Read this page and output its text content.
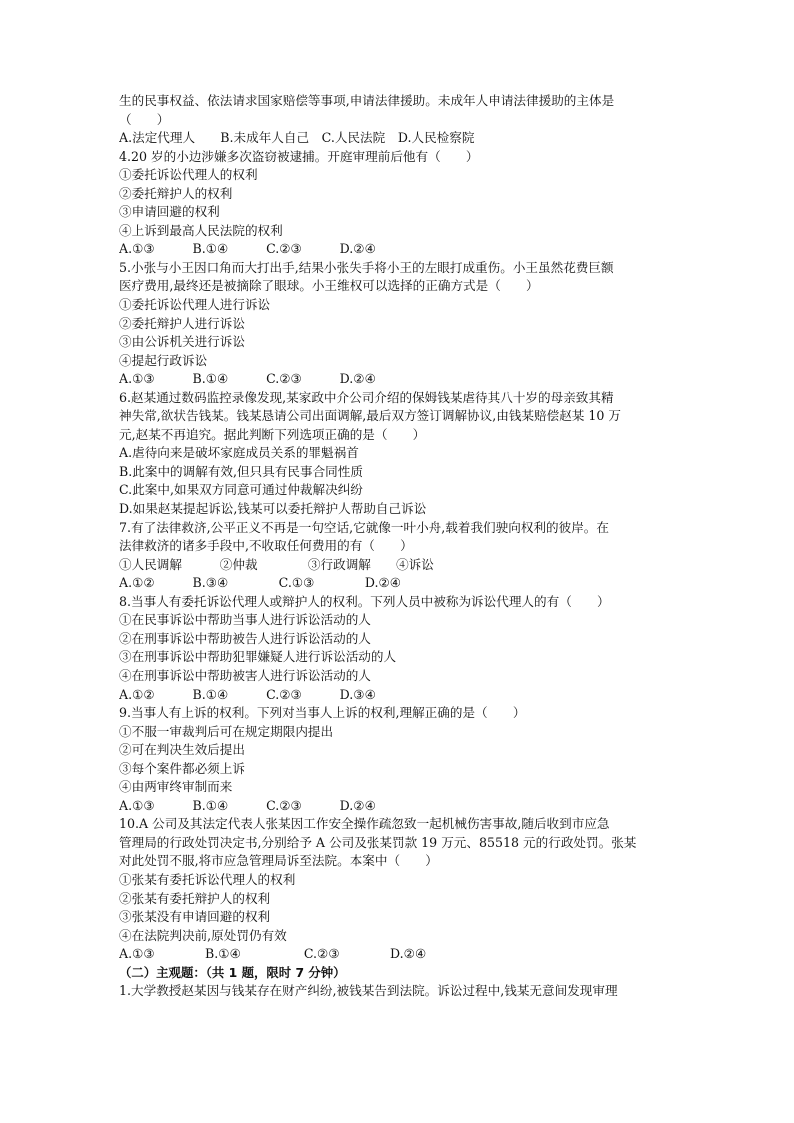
生的民事权益、依法请求国家赔偿等事项,申请法律援助。未成年人申请法律援助的主体是
（　　）
A.法定代理人　　B.未成年人自己　C.人民法院　D.人民检察院
4.20 岁的小边涉嫌多次盗窃被逮捕。开庭审理前后他有（　　）
①委托诉讼代理人的权利
②委托辩护人的权利
③申请回避的权利
④上诉到最高人民法院的权利
A.①③　　　B.①④　　　C.②③　　　D.②④
5.小张与小王因口角而大打出手,结果小张失手将小王的左眼打成重伤。小王虽然花费巨额
医疗费用,最终还是被摘除了眼球。小王维权可以选择的正确方式是（　　）
①委托诉讼代理人进行诉讼
②委托辩护人进行诉讼
③由公诉机关进行诉讼
④提起行政诉讼
A.①③　　　B.①④　　　C.②③　　　D.②④
6.赵某通过数码监控录像发现,某家政中介公司介绍的保姆钱某虐待其八十岁的母亲致其精
神失常,欲状告钱某。钱某恳请公司出面调解,最后双方签订调解协议,由钱某赔偿赵某 10 万
元,赵某不再追究。据此判断下列选项正确的是（　　）
A.虐待向来是破坏家庭成员关系的罪魁祸首
B.此案中的调解有效,但只具有民事合同性质
C.此案中,如果双方同意可通过仲裁解决纠纷
D.如果赵某提起诉讼,钱某可以委托辩护人帮助自己诉讼
7.有了法律救济,公平正义不再是一句空话,它就像一叶小舟,载着我们驶向权利的彼岸。在
法律救济的诸多手段中,不收取任何费用的有（　　）
①人民调解　　　②仲裁　　　　③行政调解　　④诉讼
A.①②　　　B.③④　　　　C.①③　　　　D.②④
8.当事人有委托诉讼代理人或辩护人的权利。下列人员中被称为诉讼代理人的有（　　）
①在民事诉讼中帮助当事人进行诉讼活动的人
②在刑事诉讼中帮助被告人进行诉讼活动的人
③在刑事诉讼中帮助犯罪嫌疑人进行诉讼活动的人
④在刑事诉讼中帮助被害人进行诉讼活动的人
A.①②　　　B.①④　　　C.②③　　　D.③④
9.当事人有上诉的权利。下列对当事人上诉的权利,理解正确的是（　　）
①不服一审裁判后可在规定期限内提出
②可在判决生效后提出
③每个案件都必须上诉
④由两审终审制而来
A.①③　　　B.①④　　　C.②③　　　D.②④
10.A 公司及其法定代表人张某因工作安全操作疏忽致一起机械伤害事故,随后收到市应急
管理局的行政处罚决定书,分别给予 A 公司及张某罚款 19 万元、85518 元的行政处罚。张某
对此处罚不服,将市应急管理局诉至法院。本案中（　　）
①张某有委托诉讼代理人的权利
②张某有委托辩护人的权利
③张某没有申请回避的权利
④在法院判决前,原处罚仍有效
A.①③　　　　B.①④　　　　　C.②③　　　　D.②④
（二）主观题：（共 1 题，限时 7 分钟）
1.大学教授赵某因与钱某存在财产纠纷,被钱某告到法院。诉讼过程中,钱某无意间发现审理
